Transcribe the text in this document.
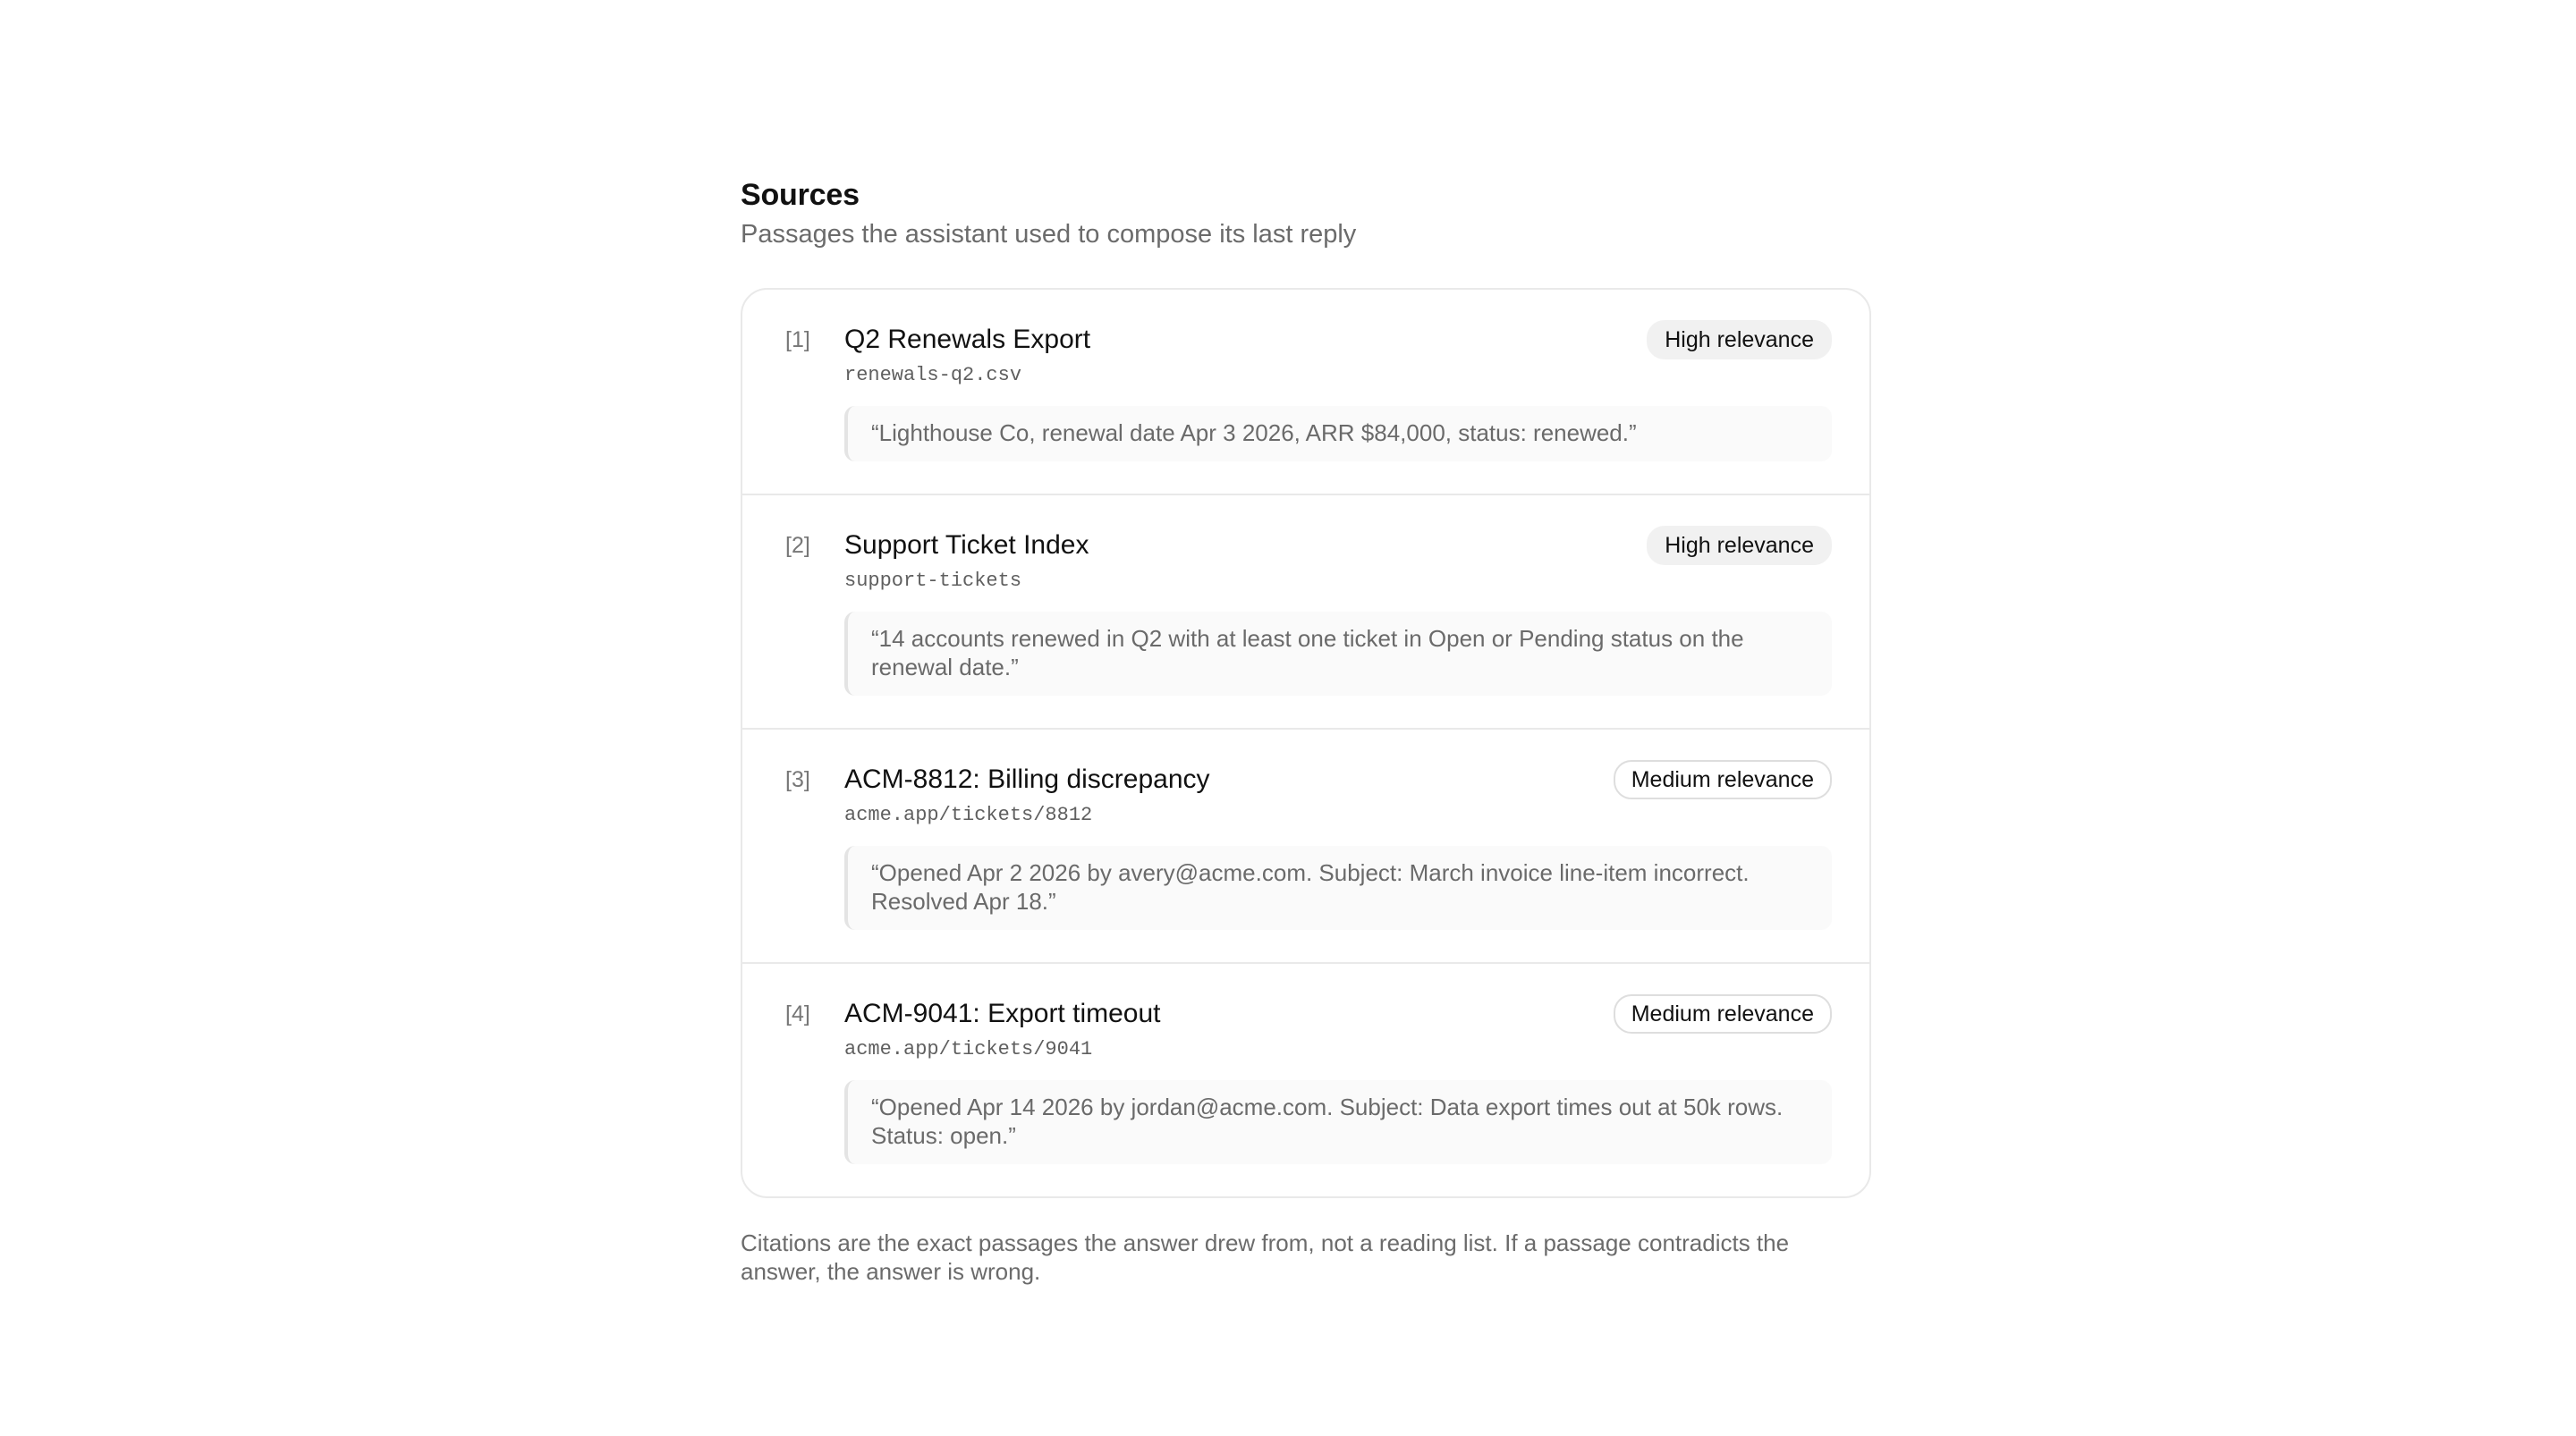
Sources

Passages the assistant used to compose its last reply

[1] Q2 Renewals Export	High relevance
renewals-q2.csv
“Lighthouse Co, renewal date Apr 3 2026, ARR $84,000, status: renewed.”
[2] Support Ticket Index	High relevance
support-tickets
“14 accounts renewed in Q2 with at least one ticket in Open or Pending status on the renewal date.”
[3] ACM-8812: Billing discrepancy	Medium relevance
acme.app/tickets/8812
“Opened Apr 2 2026 by avery@acme.com. Subject: March invoice line-item incorrect. Resolved Apr 18.”
[4] ACM-9041: Export timeout	Medium relevance
acme.app/tickets/9041
“Opened Apr 14 2026 by jordan@acme.com. Subject: Data export times out at 50k rows. Status: open.”

Citations are the exact passages the answer drew from, not a reading list. If a passage contradicts the answer, the answer is wrong.
